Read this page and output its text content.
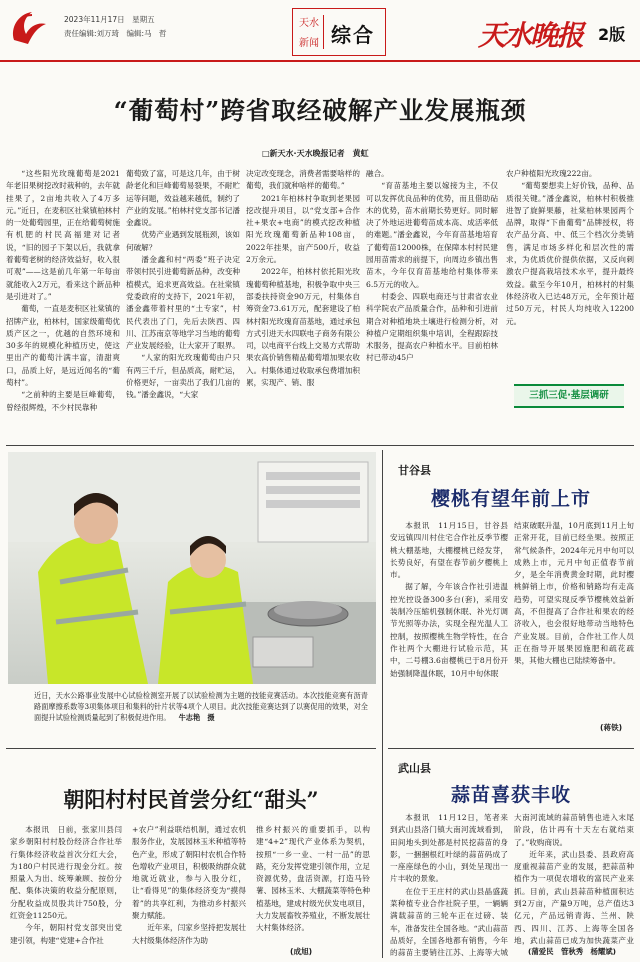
2023年11月17日　星期五
责任编辑:刘万琦　编辑:马　哲
天水
新闻 综合	天水晚报 2版
“葡萄村”跨省取经破解产业发展瓶颈
□新天水·天水晚报记者　黄虹

“这些阳光玫瑰葡萄是2021年老旧果树挖改时栽种的，去年就挂果了，2亩地共收入了4万多元。”近日，在麦积区社棠镇柏林村的一处葡萄园里，正在给葡萄树施有机肥的村民高福建对记者说，“旧的园子下架以后，我就拿着葡萄老树的经济效益好，收入很可观”——这是前几年第一年每亩就能收入2万元，看来这个新品种是引进对了。”

葡萄，一直是麦积区社棠镇的招牌产业，柏林村，国家级葡萄优质产区之一，优越的自然环境和30多年的规模化种植历史，使这里出产的葡萄汁满丰富，清甜爽口，品质上好，是远近闻名的“葡萄村”。

“之前种的主要是巨峰葡萄，曾经很辉煌，不少村民靠种

葡萄致了富，可是这几年，由于树龄老化和巨峰葡萄易裂果，不耐贮运等问题，效益越来越低，制约了产业的发展。”柏林村党支部书记潘金鑫说。

优势产业遇到发展瓶颈，该如何破解？

潘金鑫和村“两委”班子决定带领村民引进葡萄新品种，改变种植模式，追求更高效益。在社棠镇党委政府的支持下，2021年初，潘金鑫带着村里的“土专家”，村民代表出了门，先后去陕西、四川、江苏南京等地学习当地的葡萄产业发展经验，让大家开了眼界。

“人家的阳光玫瑰葡萄由户只有两三千斤，但品质高，耐贮运，价格更好，一亩卖出了我们几亩的钱。”潘金鑫说，“大家

决定改变现念，消费者需要啥样的葡萄，我们就种啥样的葡萄。”

2021年柏林村争取到老果园挖改提升项目，以“党支部+合作社+果农+电商”的模式挖改种植阳光玫瑰葡萄新品种108亩，2022年挂果，亩产500斤，收益2万余元。

2022年，柏林村依托阳光玫瑰葡萄种植基地，积极争取中央三部委扶持资金90万元，村集体自筹资金73.61万元，配套建设了柏林村阳光玫瑰育苗基地，通过承包方式引进天水四联电子商务有限公司，以电商平台线上交易方式帮助果农高价销售精品葡萄增加果农收入。村集体通过收取承包费增加积累，实现产、销、服

融合。

“育苗基地主要以嫁接为主，不仅可以发挥优良品种的优势，而且借助砧木的优势，苗木前期长势更好。同时解决了外地运进葡萄苗成本高、成活率低的难题。”潘金鑫说，今年育苗基地培育了葡萄苗12000株，在保障本村村民建园用苗需求的前提下，向周边乡镇出售苗木，今年仅育苗基地给村集体带来6.5万元的收入。

村委会、四联电商还与甘肃省农业科学院农产品质量合作，品种和引进前期合对种植地块土壤进行检测分析，对种植户定期组织集中培训，全程跟踪技术服务，提高农户种植水平。目前柏林村已带动45户

农户种植阳光玫瑰222亩。

“葡萄要想卖上好价钱，品种、品质很关键。”潘金鑫说，柏林村积极推进智了旋鲜果藤，社棠柏林果园两个品牌，取得“下曲葡萄”品牌授权，将农产品分高、中、低三个档次分类销售，满足市场多样化和层次性的需求，为优质优价提供依据，又反向刺激农户提高栽培技术水平，提升最终效益。截至今年10月，柏林村的村集体经济收入已达48万元，全年预计超过50万元，村民人均纯收入12200元。

三抓三促·基层调研
近日，天水公路事业发展中心试验检测室开展了以试验检测为主题的技能竞赛活动。本次技能竞赛有沥青路面摩擦系数等3项集体项目和集料的针片状等4项个人项目。此次技能竞赛达到了以赛促用的效果，对全面提升试验检测质量起到了积极促进作用。 牛志艳　摄
甘谷县
樱桃有望年前上市

本报讯　11月15日，甘谷县安远镇四川村住宅合作社反季节樱桃大棚基地，大棚樱桃已经发芽，长势良好，有望在春节前夕樱桃上市。

据了解，今年该合作社引进温控光控设备300多台(套)，采用安装制冷压缩机强制休眠、补光灯调节光照等办法，实现全程光温人工控制，按照樱桃生物学特性，在合作社两个大棚进行试验示范，其中，二号棚3.6亩樱桃已于8月份开始强制降温休眠，10月中旬休眠

结束破眠升温，10月底到11月上旬正常开花，目前已经坐果。按照正常气候条件，2024年元月中旬可以成熟上市，元月中旬正值春节前夕，是全年消费黄金时期，此时樱桃鲜销上市，价格和销路均有走高趋势，可望实现反季节樱桃效益新高，不但提高了合作社和果农的经济收入，也会很好地带动当地特色产业发展。目前，合作社工作人员正在指导开展果园施肥和疏花疏果，其他大棚也已陆续筹备中。

(蒋铁)
武山县
蒜苗喜获丰收

本报讯　11月12日，笔者来到武山县洛门镇大南河流域看到，田间地头到处都是村民挖蒜苗的身影，一捆捆根红叶绿的蒜苗码成了一座座绿色的小山，到处呈现出一片丰收的景象。

在位于王庄村的武山县晶盛蔬菜种植专业合作社院子里，一辆辆满载蒜苗的三轮车正在过磅、装车，准备发往全国各地。“武山蒜苗品质好，全国各地都有销售，今年的蒜苗主要销往江苏、上海等大城

大南河流域的蒜苗销售也进入末尾阶段，估计再有十天左右就结束了。”收购商说。

近年来，武山县委、县政府高度重视蒜苗产业的发展，把蒜苗种植作为一项促农增收的富民产业来抓。目前，武山县蒜苗种植面积达到2万亩，产量9万吨，总产值达3亿元，产品远销青海、兰州、陕西、四川、江苏、上海等全国各地，武山蒜苗已成为加快蔬菜产业

(蒲爱民　管秋秀　杨耀斌)
朝阳村村民首尝分红“甜头”

本报讯　日前，张家川县闫家乡朝阳村村股份经济合作社举行集体经济收益首次分红大会，为180户村民进行现金分红。按照量入为出、统筹兼顾、按份分配、集体决策的收益分配原则，分配收益成员股共计750股，分红资金11250元。

今年，朝阳村党支部突出党建引领，构建“党建+合作社

+农户”利益联结机制，通过农机服务作业，发展园林玉米种植等特色产业，形成了朝阳村农机合作特色增收产业项目，积极吸纳群众就地就近就业，参与入股分红，让“看得见”的集体经济变为“摸得着”的共享红利，为推动乡村振兴聚力赋能。

近年来，闫家乡坚持把发展壮大村级集体经济作为助

推乡村振兴的重要抓手，以构建“4+2”现代产业体系为契机，按照“一乡一业、一村一品”的思路，充分发挥党建引领作用，立足资源优势，盘活资源，打造马铃薯、园林玉米、大棚蔬菜等特色种植基地，建成村级光伏发电项目，大力发展畜牧养殖业，不断发展壮大村集体经济。

(成旭)
